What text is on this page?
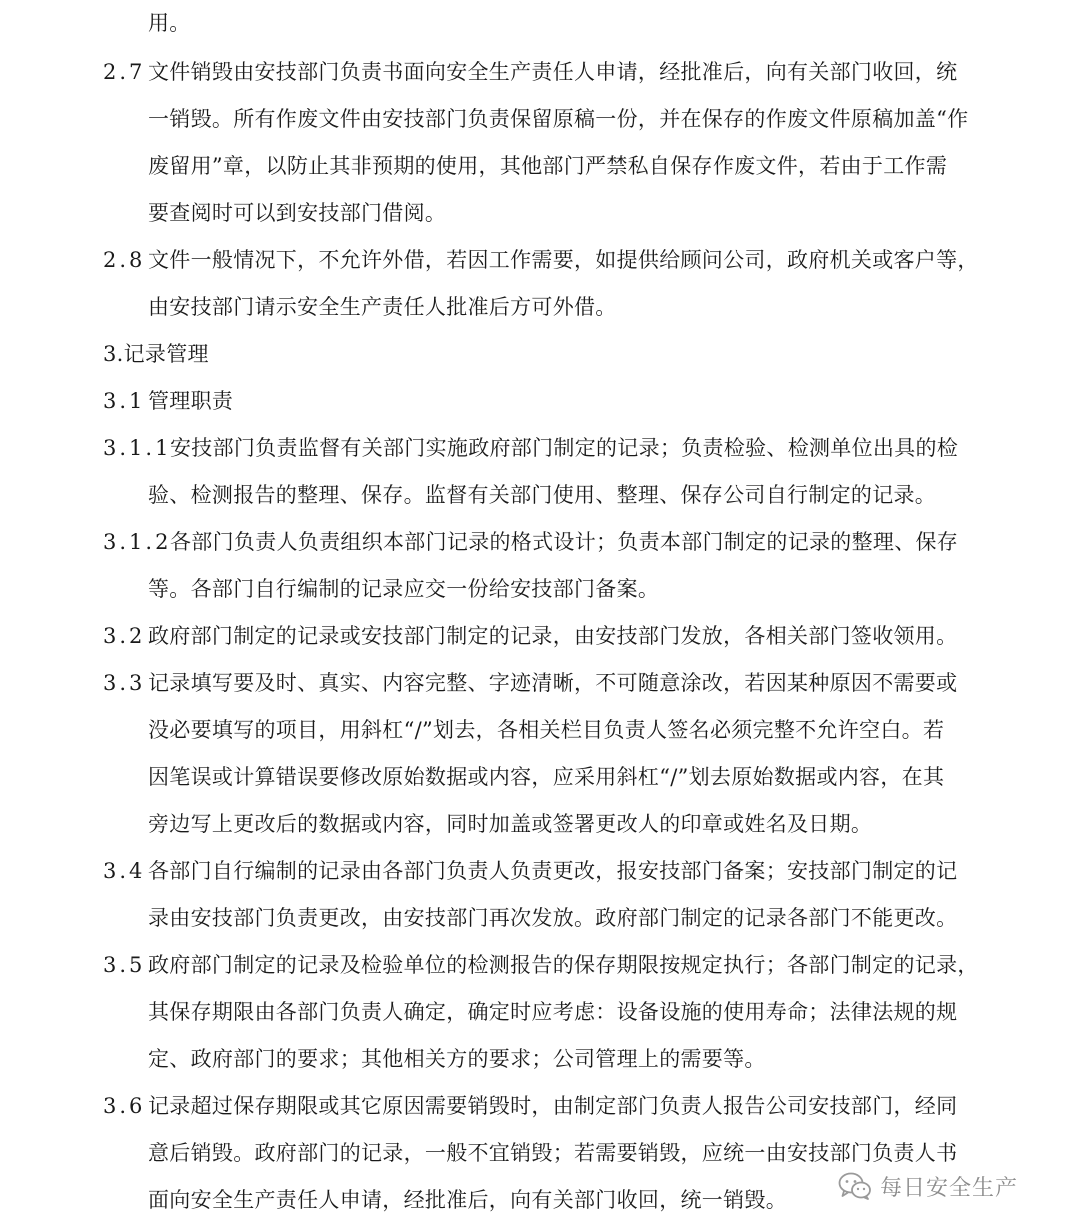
用。
2.7 文件销毁由安技部门负责书面向安全生产责任人申请，经批准后，向有关部门收回，统
一销毁。所有作废文件由安技部门负责保留原稿一份，并在保存的作废文件原稿加盖“作
废留用”章，以防止其非预期的使用，其他部门严禁私自保存作废文件，若由于工作需
要查阅时可以到安技部门借阅。
2.8 文件一般情况下，不允许外借，若因工作需要，如提供给顾问公司，政府机关或客户等，
由安技部门请示安全生产责任人批准后方可外借。
3.记录管理
3.1 管理职责
3.1.1
安技部门负责监督有关部门实施政府部门制定的记录；负责检验、检测单位出具的检
验、检测报告的整理、保存。监督有关部门使用、整理、保存公司自行制定的记录。
3.1.2
各部门负责人负责组织本部门记录的格式设计；负责本部门制定的记录的整理、保存
等。各部门自行编制的记录应交一份给安技部门备案。
3.2 政府部门制定的记录或安技部门制定的记录，由安技部门发放，各相关部门签收领用。
3.3 记录填写要及时、真实、内容完整、字迹清晰，不可随意涂改，若因某种原因不需要或
没必要填写的项目，用斜杠“/”划去，各相关栏目负责人签名必须完整不允许空白。若
因笔误或计算错误要修改原始数据或内容，应采用斜杠“/”划去原始数据或内容，在其
旁边写上更改后的数据或内容，同时加盖或签署更改人的印章或姓名及日期。
3.4 各部门自行编制的记录由各部门负责人负责更改，报安技部门备案；安技部门制定的记
录由安技部门负责更改，由安技部门再次发放。政府部门制定的记录各部门不能更改。
3.5 政府部门制定的记录及检验单位的检测报告的保存期限按规定执行；各部门制定的记录，
其保存期限由各部门负责人确定，确定时应考虑：设备设施的使用寿命；法律法规的规
定、政府部门的要求；其他相关方的要求；公司管理上的需要等。
3.6 记录超过保存期限或其它原因需要销毁时，由制定部门负责人报告公司安技部门，经同
意后销毁。政府部门的记录，一般不宜销毁；若需要销毁，应统一由安技部门负责人书
面向安全生产责任人申请，经批准后，向有关部门收回，统一销毁。	每日安全生产
